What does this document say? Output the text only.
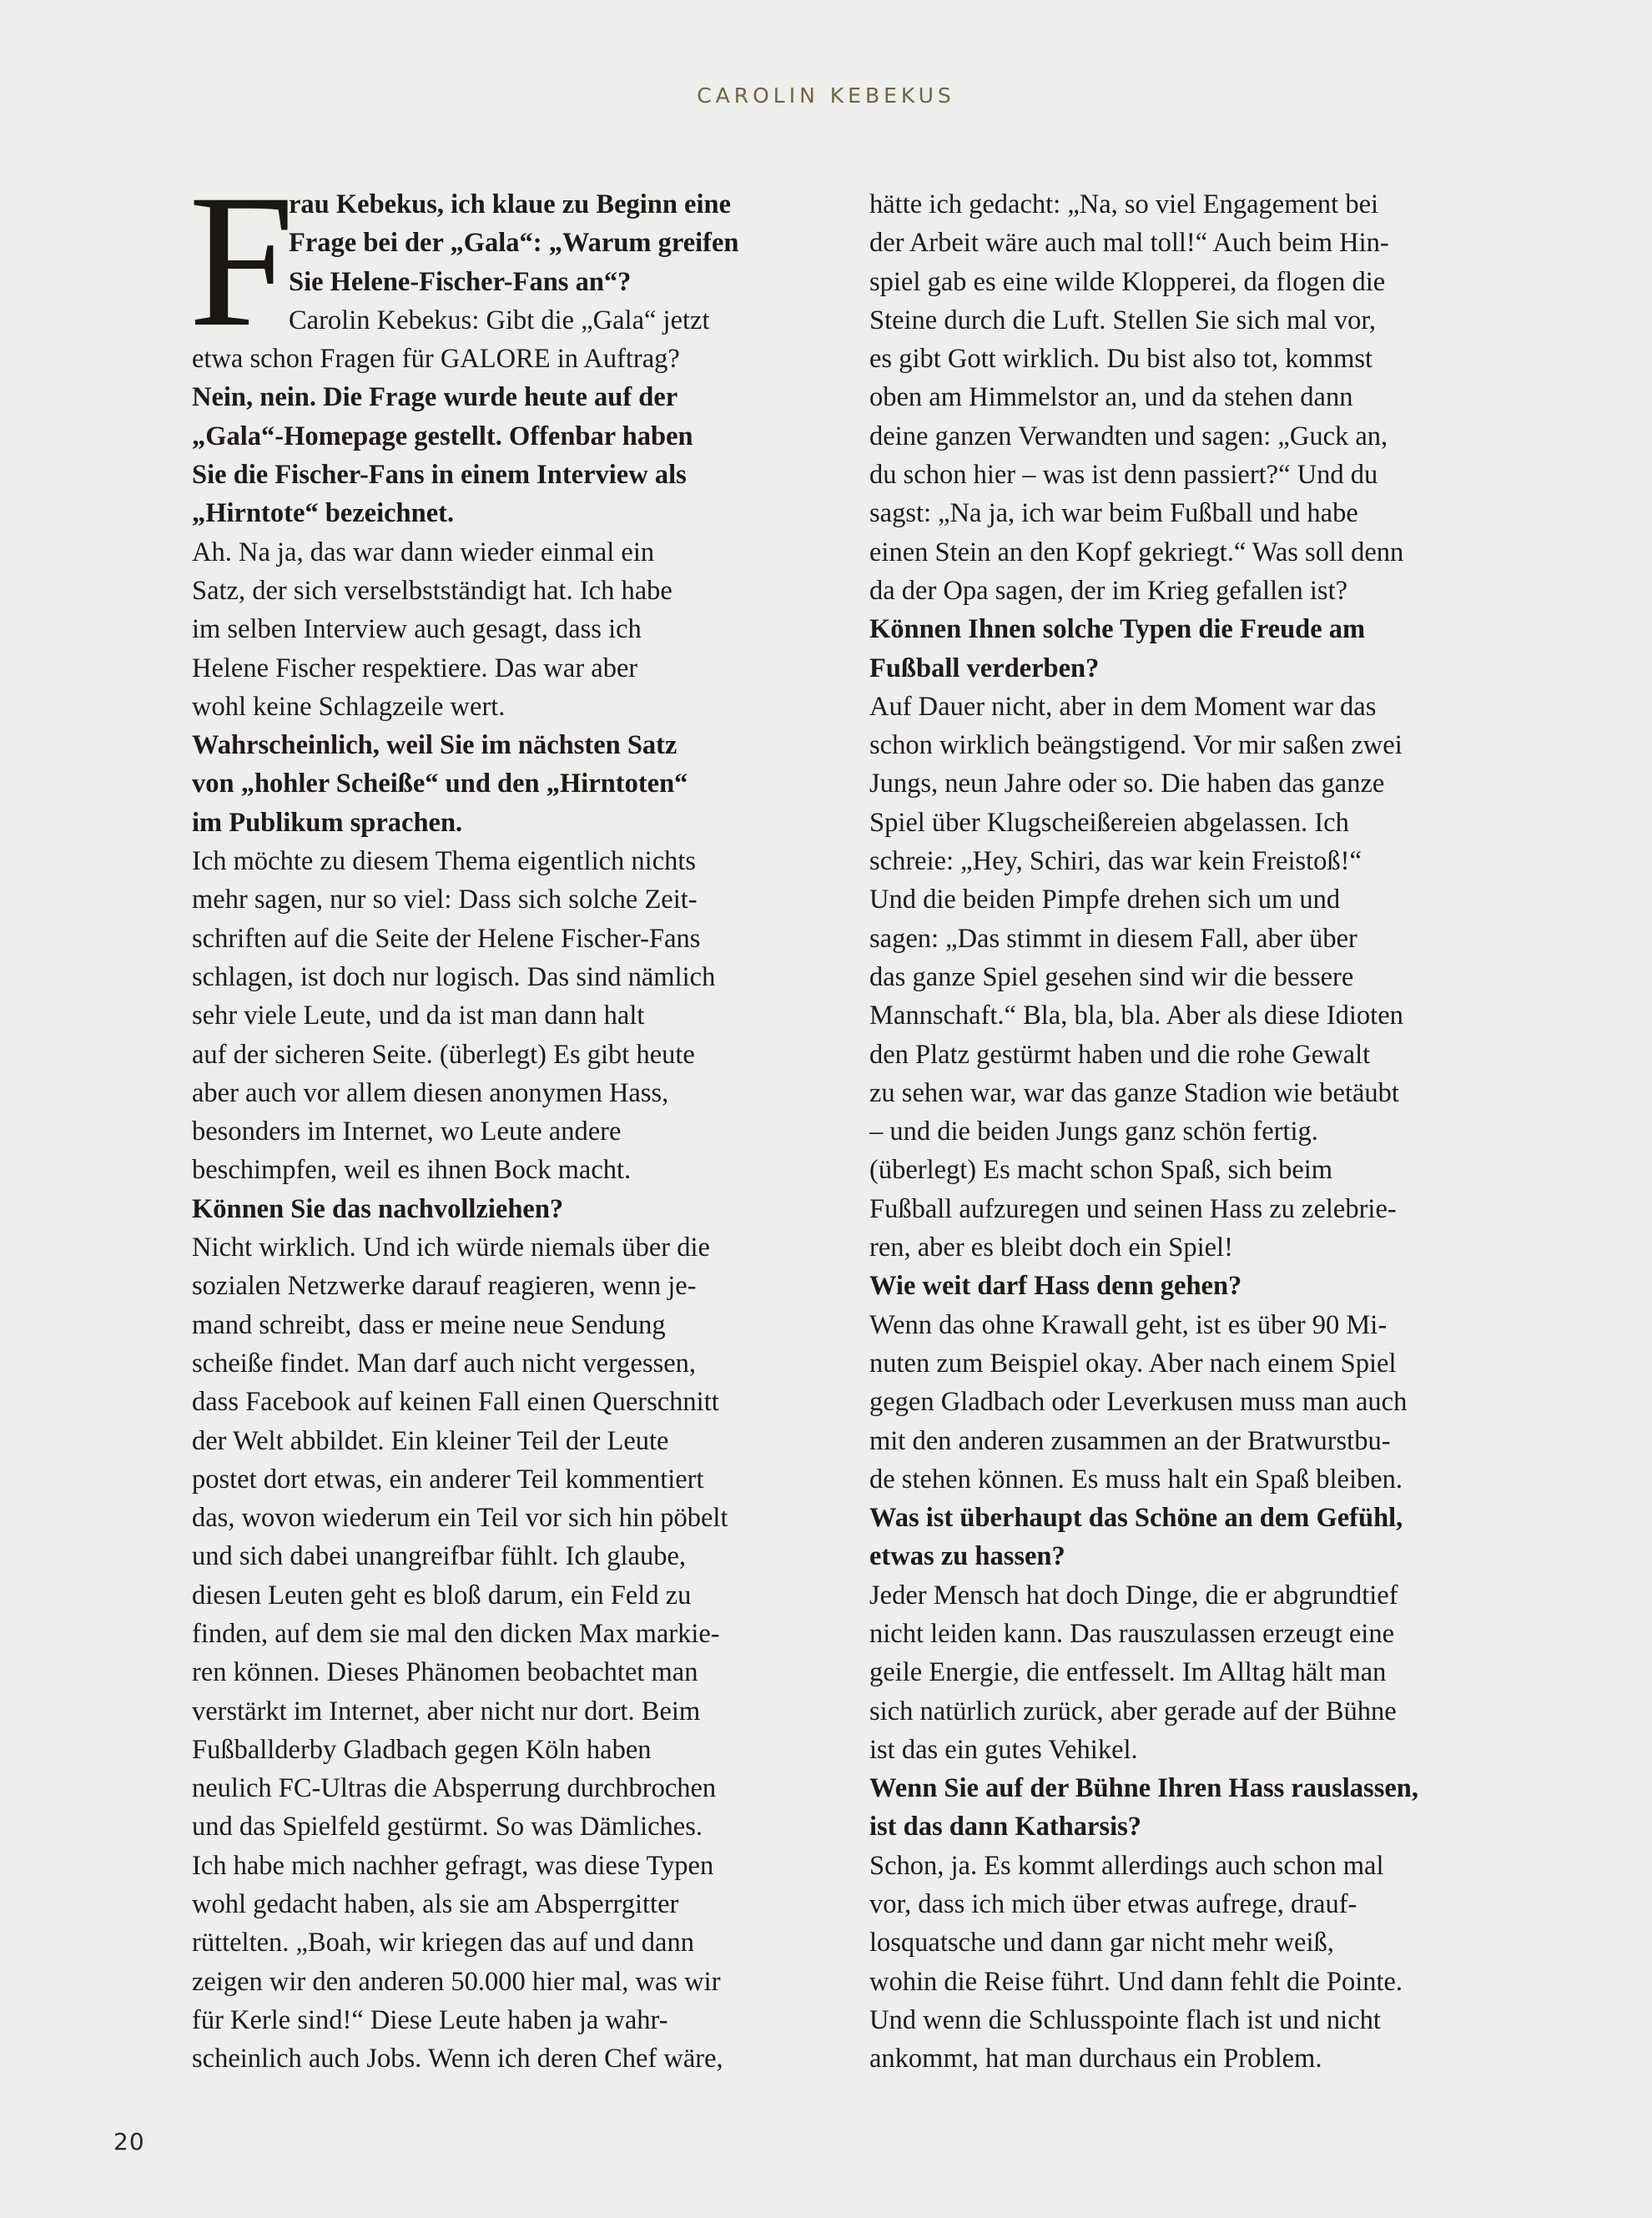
CAROLIN KEBEKUS
F
rau Kebekus, ich klaue zu Beginn eine
Frage bei der „Gala“: „Warum greifen
Sie Helene-Fischer-Fans an“?
Carolin Kebekus: Gibt die „Gala“ jetzt
etwa schon Fragen für GALORE in Auftrag?
Nein, nein. Die Frage wurde heute auf der
„Gala“-Homepage gestellt. Offenbar haben
Sie die Fischer-Fans in einem Interview als
„Hirntote“ bezeichnet.
Ah. Na ja, das war dann wieder einmal ein
Satz, der sich verselbstständigt hat. Ich habe
im selben Interview auch gesagt, dass ich
Helene Fischer respektiere. Das war aber
wohl keine Schlagzeile wert.
Wahrscheinlich, weil Sie im nächsten Satz
von „hohler Scheiße“ und den „Hirntoten“
im Publikum sprachen.
Ich möchte zu diesem Thema eigentlich nichts
mehr sagen, nur so viel: Dass sich solche Zeit-
schriften auf die Seite der Helene Fischer-Fans
schlagen, ist doch nur logisch. Das sind nämlich
sehr viele Leute, und da ist man dann halt
auf der sicheren Seite. (überlegt) Es gibt heute
aber auch vor allem diesen anonymen Hass,
besonders im Internet, wo Leute andere
beschimpfen, weil es ihnen Bock macht.
Können Sie das nachvollziehen?
Nicht wirklich. Und ich würde niemals über die
sozialen Netzwerke darauf reagieren, wenn je-
mand schreibt, dass er meine neue Sendung
scheiße findet. Man darf auch nicht vergessen,
dass Facebook auf keinen Fall einen Querschnitt
der Welt abbildet. Ein kleiner Teil der Leute
postet dort etwas, ein anderer Teil kommentiert
das, wovon wiederum ein Teil vor sich hin pöbelt
und sich dabei unangreifbar fühlt. Ich glaube,
diesen Leuten geht es bloß darum, ein Feld zu
finden, auf dem sie mal den dicken Max markie-
ren können. Dieses Phänomen beobachtet man
verstärkt im Internet, aber nicht nur dort. Beim
Fußballderby Gladbach gegen Köln haben
neulich FC-Ultras die Absperrung durchbrochen
und das Spielfeld gestürmt. So was Dämliches.
Ich habe mich nachher gefragt, was diese Typen
wohl gedacht haben, als sie am Absperrgitter
rüttelten. „Boah, wir kriegen das auf und dann
zeigen wir den anderen 50.000 hier mal, was wir
für Kerle sind!“ Diese Leute haben ja wahr-
scheinlich auch Jobs. Wenn ich deren Chef wäre,
hätte ich gedacht: „Na, so viel Engagement bei
der Arbeit wäre auch mal toll!“ Auch beim Hin-
spiel gab es eine wilde Klopperei, da flogen die
Steine durch die Luft. Stellen Sie sich mal vor,
es gibt Gott wirklich. Du bist also tot, kommst
oben am Himmelstor an, und da stehen dann
deine ganzen Verwandten und sagen: „Guck an,
du schon hier – was ist denn passiert?“ Und du
sagst: „Na ja, ich war beim Fußball und habe
einen Stein an den Kopf gekriegt.“ Was soll denn
da der Opa sagen, der im Krieg gefallen ist?
Können Ihnen solche Typen die Freude am
Fußball verderben?
Auf Dauer nicht, aber in dem Moment war das
schon wirklich beängstigend. Vor mir saßen zwei
Jungs, neun Jahre oder so. Die haben das ganze
Spiel über Klugscheißereien abgelassen. Ich
schreie: „Hey, Schiri, das war kein Freistoß!“
Und die beiden Pimpfe drehen sich um und
sagen: „Das stimmt in diesem Fall, aber über
das ganze Spiel gesehen sind wir die bessere
Mannschaft.“ Bla, bla, bla. Aber als diese Idioten
den Platz gestürmt haben und die rohe Gewalt
zu sehen war, war das ganze Stadion wie betäubt
– und die beiden Jungs ganz schön fertig.
(überlegt) Es macht schon Spaß, sich beim
Fußball aufzuregen und seinen Hass zu zelebrie-
ren, aber es bleibt doch ein Spiel!
Wie weit darf Hass denn gehen?
Wenn das ohne Krawall geht, ist es über 90 Mi-
nuten zum Beispiel okay. Aber nach einem Spiel
gegen Gladbach oder Leverkusen muss man auch
mit den anderen zusammen an der Bratwurstbu-
de stehen können. Es muss halt ein Spaß bleiben.
Was ist überhaupt das Schöne an dem Gefühl,
etwas zu hassen?
Jeder Mensch hat doch Dinge, die er abgrundtief
nicht leiden kann. Das rauszulassen erzeugt eine
geile Energie, die entfesselt. Im Alltag hält man
sich natürlich zurück, aber gerade auf der Bühne
ist das ein gutes Vehikel.
Wenn Sie auf der Bühne Ihren Hass rauslassen,
ist das dann Katharsis?
Schon, ja. Es kommt allerdings auch schon mal
vor, dass ich mich über etwas aufrege, drauf-
losquatsche und dann gar nicht mehr weiß,
wohin die Reise führt. Und dann fehlt die Pointe.
Und wenn die Schlusspointe flach ist und nicht
ankommt, hat man durchaus ein Problem.
20
